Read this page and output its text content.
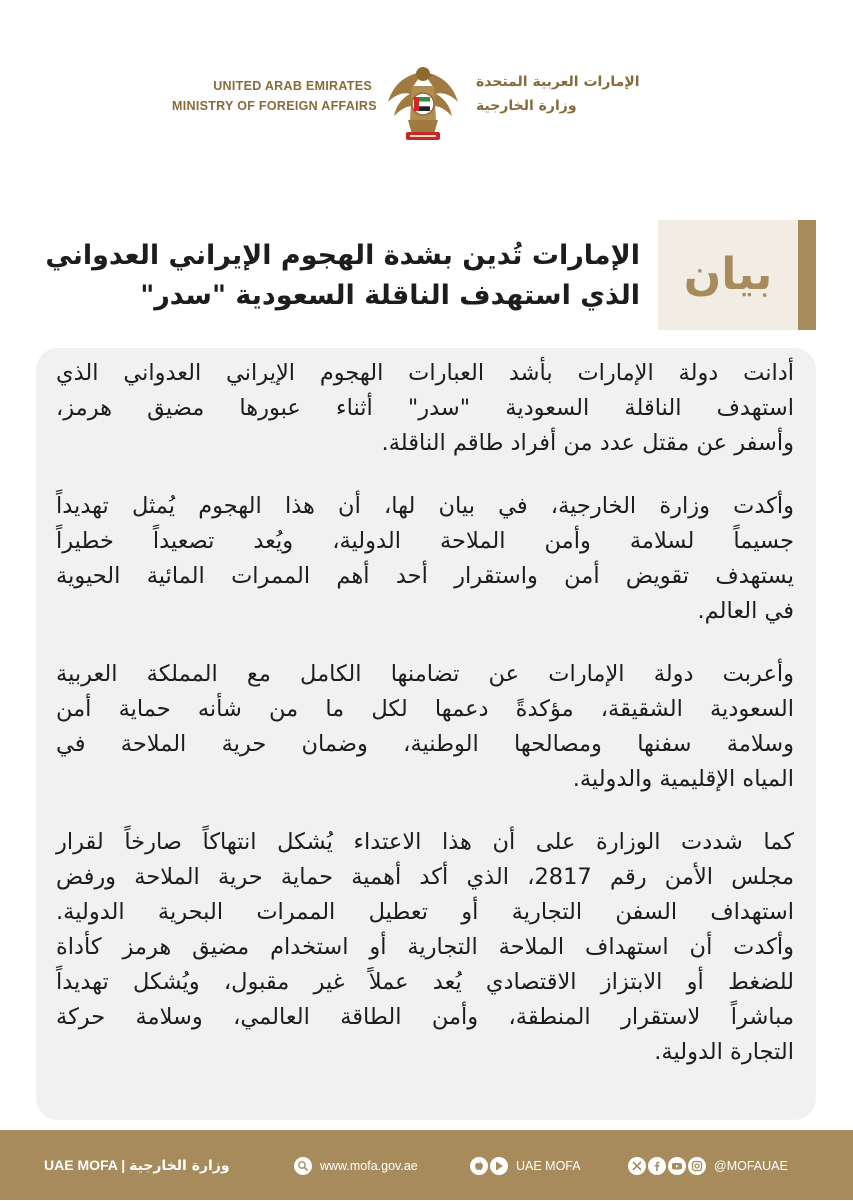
UNITED ARAB EMIRATES
MINISTRY OF FOREIGN AFFAIRS
الإمارات العربية المتحدة
وزارة الخارجية
الإمارات تُدين بشدة الهجوم الإيراني العدواني
الذي استهدف الناقلة السعودية "سدر" بيان
أدانت دولة الإمارات بأشد العبارات الهجوم الإيراني العدواني الذي
استهدف الناقلة السعودية "سدر" أثناء عبورها مضيق هرمز،
وأسفر عن مقتل عدد من أفراد طاقم الناقلة.
وأكدت وزارة الخارجية، في بيان لها، أن هذا الهجوم يُمثل تهديداً
جسيماً لسلامة وأمن الملاحة الدولية، ويُعد تصعيداً خطيراً
يستهدف تقويض أمن واستقرار أحد أهم الممرات المائية الحيوية
في العالم.
وأعربت دولة الإمارات عن تضامنها الكامل مع المملكة العربية
السعودية الشقيقة، مؤكدةً دعمها لكل ما من شأنه حماية أمن
وسلامة سفنها ومصالحها الوطنية، وضمان حرية الملاحة في
المياه الإقليمية والدولية.
كما شددت الوزارة على أن هذا الاعتداء يُشكل انتهاكاً صارخاً لقرار
مجلس الأمن رقم 2817، الذي أكد أهمية حماية حرية الملاحة ورفض
استهداف السفن التجارية أو تعطيل الممرات البحرية الدولية.
وأكدت أن استهداف الملاحة التجارية أو استخدام مضيق هرمز كأداة
للضغط أو الابتزاز الاقتصادي يُعد عملاً غير مقبول، ويُشكل تهديداً
مباشراً لاستقرار المنطقة، وأمن الطاقة العالمي، وسلامة حركة
التجارة الدولية.
UAE MOFA | وزارة الخارجية	www.mofa.gov.ae	UAE MOFA	@MOFAUAE
